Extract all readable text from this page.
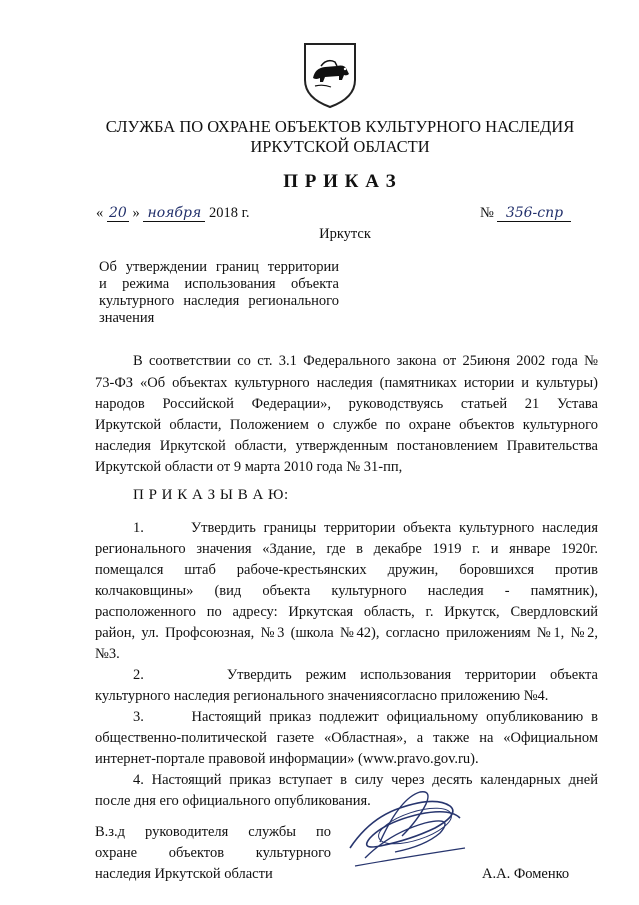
СЛУЖБА ПО ОХРАНЕ ОБЪЕКТОВ КУЛЬТУРНОГО НАСЛЕДИЯ
ИРКУТСКОЙ ОБЛАСТИ
П Р И К А З
« 20 » ноября 2018 г.	№ 356-спр
Иркутск
Об утверждении границ территории
и режима использования объекта
культурного наследия регионального
значения
В соответствии со ст. 3.1 Федерального закона от 25июня 2002 года №
73-ФЗ «Об объектах культурного наследия (памятниках истории и культуры)
народов Российской Федерации», руководствуясь статьей 21 Устава
Иркутской области, Положением о службе по охране объектов культурного
наследия Иркутской области, утвержденным постановлением Правительства
Иркутской области от 9 марта 2010 года № 31-пп,
П Р И К А З Ы В А Ю:
1.      Утвердить границы территории объекта культурного наследия
регионального значения «Здание, где в декабре 1919 г. и январе 1920г.
помещался штаб рабоче-крестьянских дружин, боровшихся против
колчаковщины» (вид объекта культурного наследия - памятник),
расположенного по адресу: Иркутская область, г. Иркутск, Свердловский
район, ул. Профсоюзная, №3 (школа №42), согласно приложениям №1, №2,
№3.
2.      Утвердить режим использования территории объекта
культурного наследия регионального значениясогласно приложению №4.
3.      Настоящий приказ подлежит официальному опубликованию в
общественно-политической газете «Областная», а также на «Официальном
интернет-портале правовой информации» (www.pravo.gov.ru).
4. Настоящий приказ вступает в силу через десять календарных дней
после дня его официального опубликования.
В.з.д руководителя службы по
охране объектов культурного
наследия Иркутской области	А.А. Фоменко
